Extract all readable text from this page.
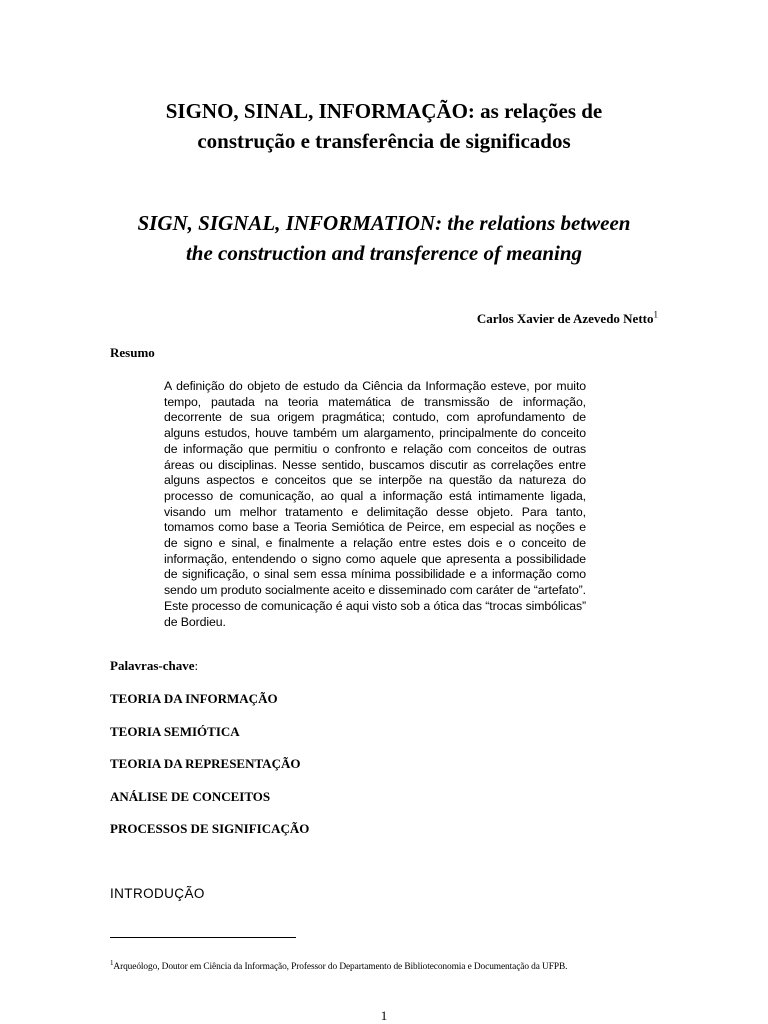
SIGNO, SINAL, INFORMAÇÃO: as relações de
construção e transferência de significados
SIGN, SIGNAL, INFORMATION: the relations between
the construction and transference of meaning
Carlos Xavier de Azevedo Netto$^1$
Resumo
A definição do objeto de estudo da Ciência da Informação esteve, por muito tempo, pautada na teoria matemática de transmissão de informação, decorrente de sua origem pragmática; contudo, com aprofundamento de alguns estudos, houve também um alargamento, principalmente do conceito de informação que permitiu o confronto e relação com conceitos de outras áreas ou disciplinas. Nesse sentido, buscamos discutir as correlações entre alguns aspectos e conceitos que se interpõe na questão da natureza do processo de comunicação, ao qual a informação está intimamente ligada, visando um melhor tratamento e delimitação desse objeto. Para tanto, tomamos como base a Teoria Semiótica de Peirce, em especial as noções e de signo e sinal, e finalmente a relação entre estes dois e o conceito de informação, entendendo o signo como aquele que apresenta a possibilidade de significação, o sinal sem essa mínima possibilidade e a informação como sendo um produto socialmente aceito e disseminado com caráter de “artefato”. Este processo de comunicação é aqui visto sob a ótica das “trocas simbólicas” de Bordieu.
Palavras-chave:
TEORIA DA INFORMAÇÃO
TEORIA SEMIÓTICA
TEORIA DA REPRESENTAÇÃO
ANÁLISE DE CONCEITOS
PROCESSOS DE SIGNIFICAÇÃO
INTRODUÇÃO
$^1$Arqueólogo, Doutor em Ciência da Informação, Professor do Departamento de Biblioteconomia e Documentação da UFPB.
1
